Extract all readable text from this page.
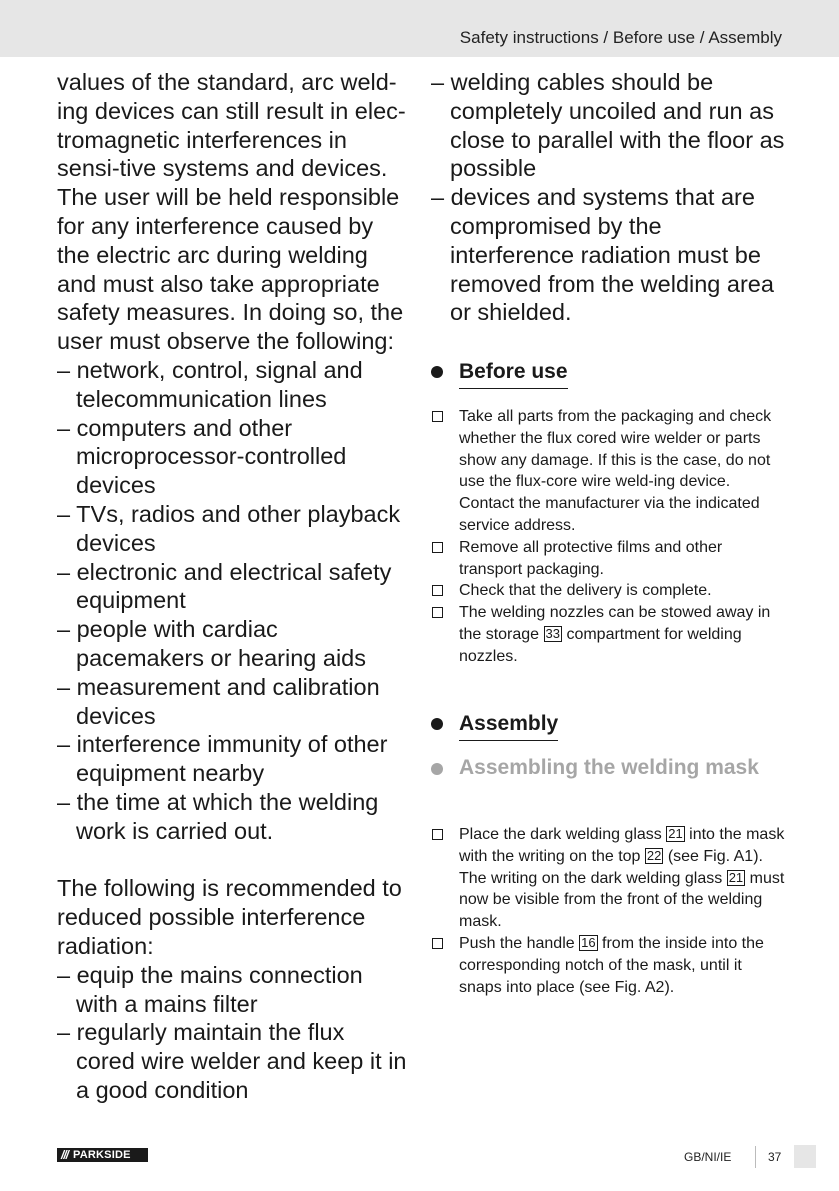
Safety instructions / Before use / Assembly

values of the standard, arc weld-ing devices can still result in elec-tromagnetic interferences in sensi-tive systems and devices.

The user will be held responsible for any interference caused by the electric arc during welding and must also take appropriate safety measures. In doing so, the user must observe the following:

– network, control, signal and telecommunication lines
– computers and other microprocessor-controlled devices
– TVs, radios and other playback devices
– electronic and electrical safety equipment
– people with cardiac pacemakers or hearing aids
– measurement and calibration devices
– interference immunity of other equipment nearby
– the time at which the welding work is carried out.

The following is recommended to reduced possible interference radiation:

– equip the mains connection with a mains filter
– regularly maintain the flux cored wire welder and keep it in a good condition
– welding cables should be completely uncoiled and run as close to parallel with the floor as possible
– devices and systems that are compromised by the interference radiation must be removed from the welding area or shielded.
Before use
Take all parts from the packaging and check whether the flux cored wire welder or parts show any damage. If this is the case, do not use the flux-core wire weld-ing device. Contact the manufacturer via the indicated service address.
Remove all protective films and other transport packaging.
Check that the delivery is complete.
The welding nozzles can be stowed away in the storage 33 compartment for welding nozzles.
Assembly
Assembling the welding mask
Place the dark welding glass 21 into the mask with the writing on the top 22 (see Fig. A1). The writing on the dark welding glass 21 must now be visible from the front of the welding mask.
Push the handle 16 from the inside into the corresponding notch of the mask, until it snaps into place (see Fig. A2).
/// PARKSIDE	GB/NI/IE	37
